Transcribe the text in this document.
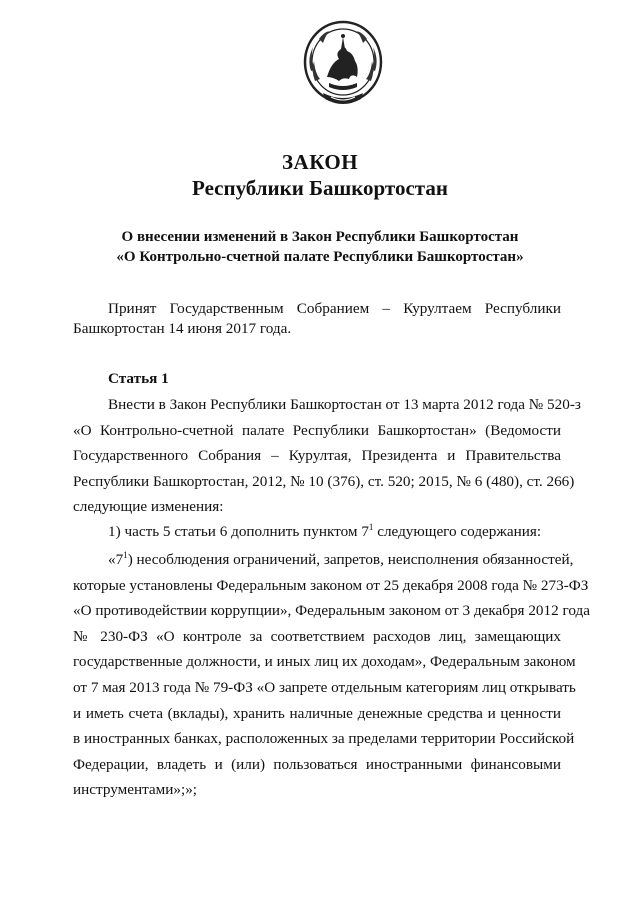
ЗАКОН
Республики Башкортостан
О внесении изменений в Закон Республики Башкортостан
«О Контрольно-счетной палате Республики Башкортостан»
Принят Государственным Собранием – Курултаем Республики
Башкортостан 14 июня 2017 года.
Статья 1
Внести в Закон Республики Башкортостан от 13 марта 2012 года № 520-з
«О Контрольно-счетной палате Республики Башкортостан» (Ведомости
Государственного Собрания – Курултая, Президента и Правительства
Республики Башкортостан, 2012, № 10 (376), ст. 520; 2015, № 6 (480), ст. 266)
следующие изменения:
1) часть 5 статьи 6 дополнить пунктом $7^1$ следующего содержания:
«$7^1$) несоблюдения ограничений, запретов, неисполнения обязанностей,
которые установлены Федеральным законом от 25 декабря 2008 года № 273-ФЗ
«О противодействии коррупции», Федеральным законом от 3 декабря 2012 года
№ 230-ФЗ «О контроле за соответствием расходов лиц, замещающих
государственные должности, и иных лиц их доходам», Федеральным законом
от 7 мая 2013 года № 79-ФЗ «О запрете отдельным категориям лиц открывать
и иметь счета (вклады), хранить наличные денежные средства и ценности
в иностранных банках, расположенных за пределами территории Российской
Федерации, владеть и (или) пользоваться иностранными финансовыми
инструментами»;»;
